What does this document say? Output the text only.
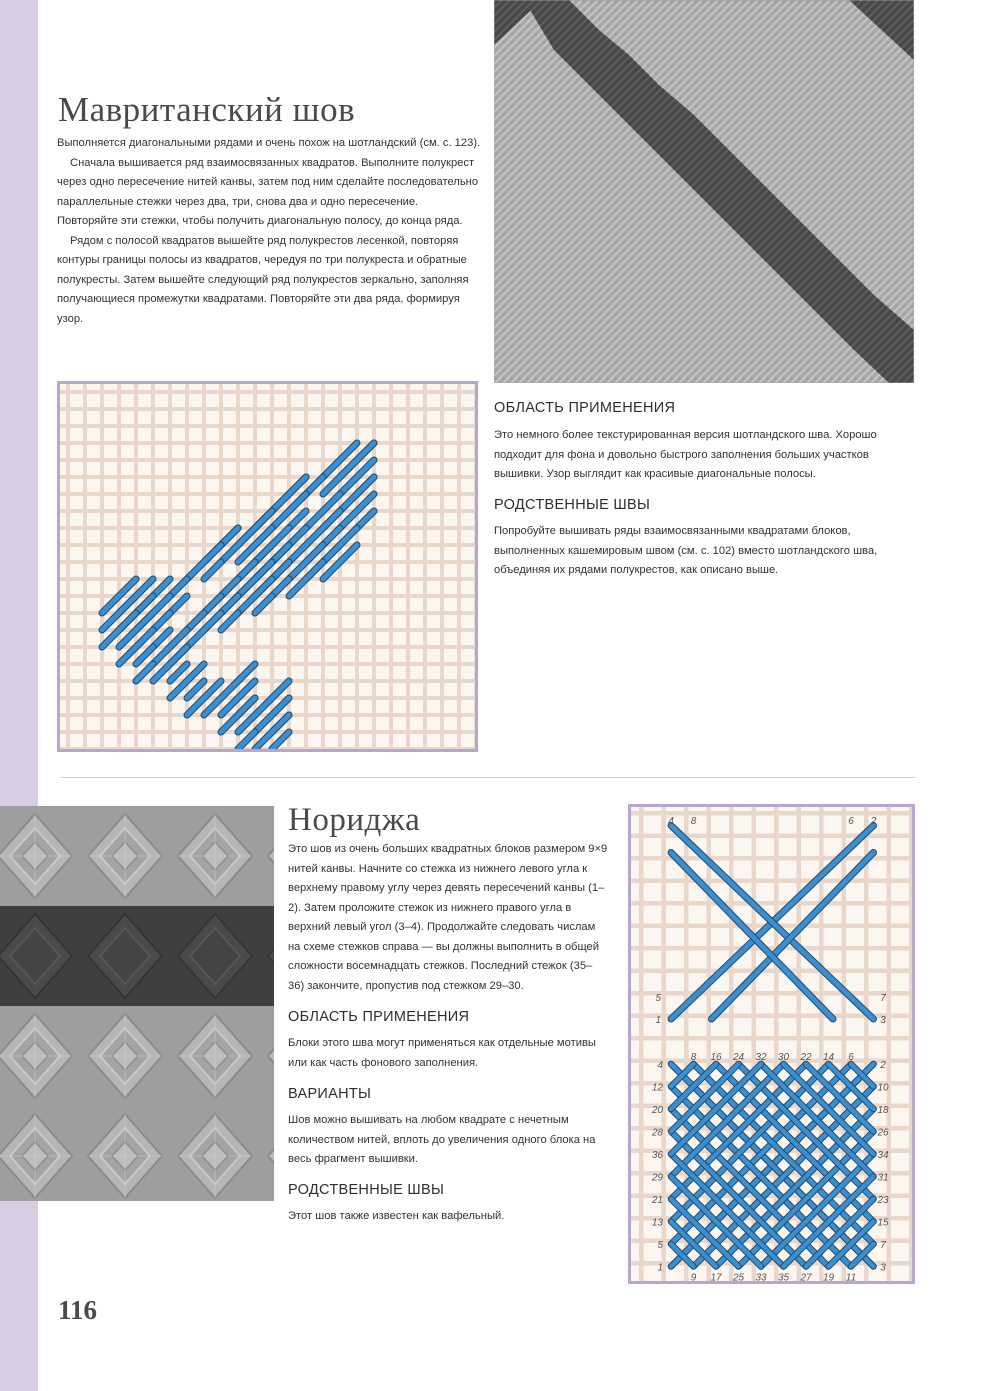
Мавританский шов

Выполняется диагональными рядами и очень похож на шотландский (см. с. 123).

Сначала вышивается ряд взаимосвязанных квадратов. Выполните полукрест через одно пересечение нитей канвы, затем под ним сделайте последовательно параллельные стежки через два, три, снова два и одно пересечение. Повторяйте эти стежки, чтобы получить диагональную полосу, до конца ряда.

Рядом с полосой квадратов вышейте ряд полукрестов лесенкой, повторяя контуры границы полосы из квадратов, чередуя по три полукреста и обратные полукресты. Затем вышейте следующий ряд полукрестов зеркально, заполняя получающиеся промежутки квадратами. Повторяйте эти два ряда, формируя узор.

ОБЛАСТЬ ПРИМЕНЕНИЯ
Это немного более текстурированная версия шотландского шва. Хорошо подходит для фона и довольно быстрого заполнения больших участков вышивки. Узор выглядит как красивые диагональные полосы.
РОДСТВЕННЫЕ ШВЫ
Попробуйте вышивать ряды взаимосвязанными квадратами блоков, выполненных кашемировым швом (см. с. 102) вместо шотландского шва, объединяя их рядами полукрестов, как описано выше.
Нориджа
Это шов из очень больших квадратных блоков размером 9×9 нитей канвы. Начните со стежка из нижнего левого угла к верхнему правому углу через девять пересечений канвы (1–2). Затем проложите стежок из нижнего правого угла в верхний левый угол (3–4). Продолжайте следовать числам на схеме стежков справа — вы должны выполнить в общей сложности восемнадцать стежков. Последний стежок (35–36) закончите, пропустив под стежком 29–30.
ОБЛАСТЬ ПРИМЕНЕНИЯ
Блоки этого шва могут применяться как отдельные мотивы или как часть фонового заполнения.
ВАРИАНТЫ
Шов можно вышивать на любом квадрате с нечетным количеством нитей, вплоть до увеличения одного блока на весь фрагмент вышивки.
РОДСТВЕННЫЕ ШВЫ
Этот шов также известен как вафельный.
4 8	6 2
5
1
7
3
8 16 24 32 30 22 14 6
9 17 25 33 35 27 19 11
4
12
20
28
36
29
21
13
5
1
2
10
18
26
34
31
23
15
7
3
116
